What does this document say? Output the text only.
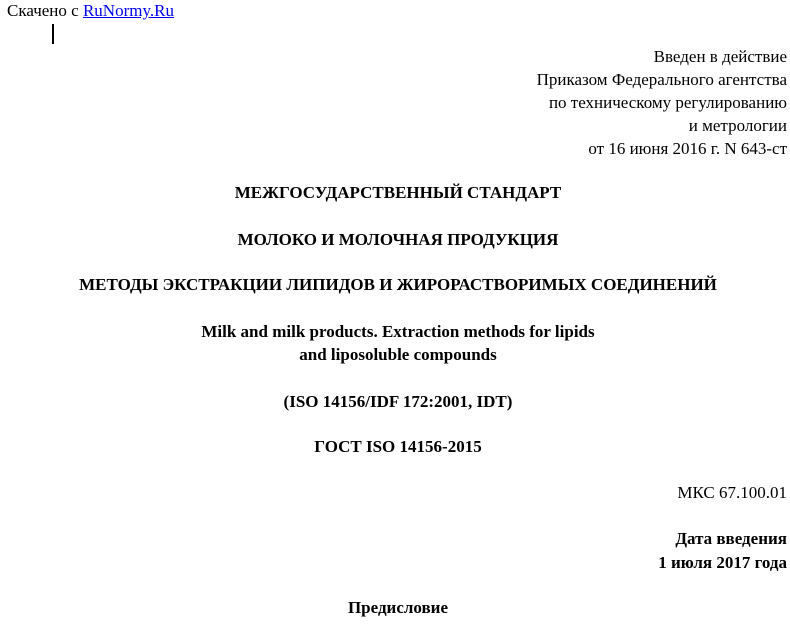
Скачено с RuNormy.Ru
Введен в действие
Приказом Федерального агентства
по техническому регулированию
и метрологии
от 16 июня 2016 г. N 643-ст
МЕЖГОСУДАРСТВЕННЫЙ СТАНДАРТ
МОЛОКО И МОЛОЧНАЯ ПРОДУКЦИЯ
МЕТОДЫ ЭКСТРАКЦИИ ЛИПИДОВ И ЖИРОРАСТВОРИМЫХ СОЕДИНЕНИЙ
Milk and milk products. Extraction methods for lipids
and liposoluble compounds
(ISO 14156/IDF 172:2001, IDT)
ГОСТ ISO 14156-2015
МКС 67.100.01
Дата введения
1 июля 2017 года
Предисловие
